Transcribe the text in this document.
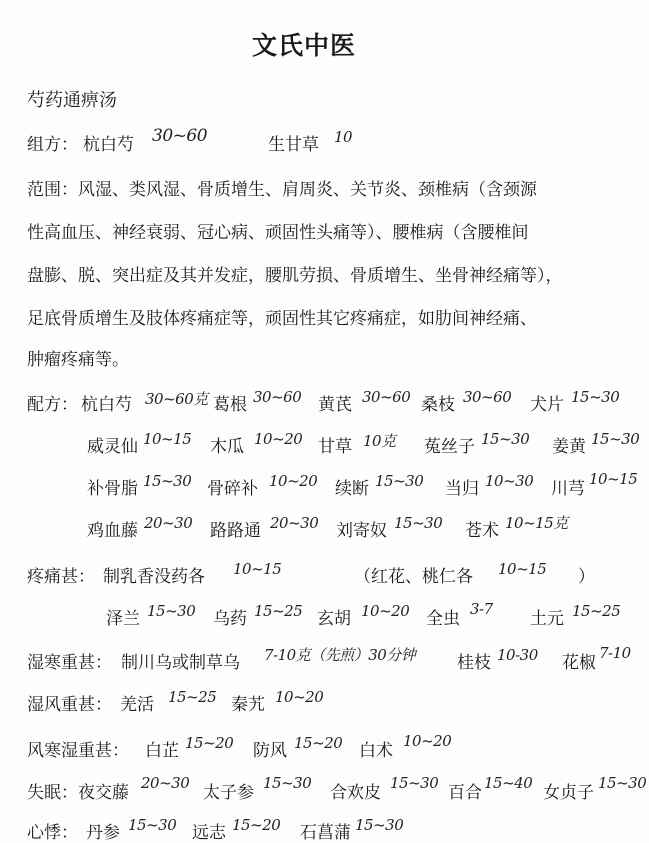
文氏中医
芍药通痹汤
组方： 杭白芍 30~60	生甘草 10
范围：风湿、类风湿、骨质增生、肩周炎、关节炎、颈椎病（含颈源
性高血压、神经衰弱、冠心病、顽固性头痛等）、腰椎病（含腰椎间
盘膨、脱、突出症及其并发症，腰肌劳损、骨质增生、坐骨神经痛等），
足底骨质增生及肢体疼痛症等，顽固性其它疼痛症，如肋间神经痛、
肿瘤疼痛等。
配方： 杭白芍 30~60克 葛根 30~60 黄芪 30~60 桑枝 30~60 犬片 15~30
威灵仙 10~15 木瓜 10~20 甘草 10克 菟丝子 15~30 姜黄 15~30
补骨脂 15~30 骨碎补 10~20 续断 15~30 当归 10~30 川芎 10~15
鸡血藤 20~30 路路通 20~30 刘寄奴 15~30 苍术 10~15克
疼痛甚： 制乳香没药各 10~15	（红花、桃仁各 10~15 ）
泽兰 15~30 乌药 15~25 玄胡 10~20 全虫 3-7 土元 15~25
湿寒重甚： 制川乌或制草乌 7-10克（先煎）30分钟 桂枝 10-30 花椒 7-10
湿风重甚： 羌活 15~25 秦艽 10~20
风寒湿重甚： 白芷 15~20 防风 15~20 白术 10~20
失眠： 夜交藤 20~30 太子参 15~30 合欢皮 15~30 百合 15~40 女贞子 15~30
心悸： 丹参 15~30 远志 15~20 石菖蒲 15~30
